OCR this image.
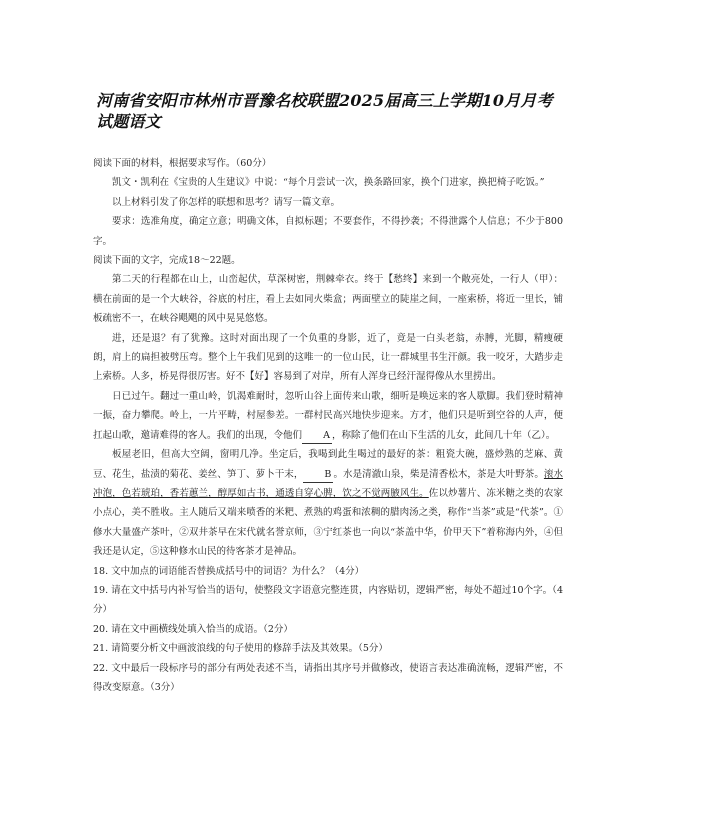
河南省安阳市林州市晋豫名校联盟2025届高三上学期10月月考试题语文

阅读下面的材料，根据要求写作。（60分）

凯文・凯利在《宝贵的人生建议》中说：“每个月尝试一次，换条路回家，换个门进家，换把椅子吃饭。”

以上材料引发了你怎样的联想和思考？请写一篇文章。

要求：选准角度，确定立意；明确文体，自拟标题；不要套作，不得抄袭；不得泄露个人信息；不少于800字。

阅读下面的文字，完成18～22题。

第二天的行程都在山上，山峦起伏，草深树密，荆棘牵衣。终于【愁终】来到一个敞亮处，一行人（甲）：横在前面的是一个大峡谷，谷底的村庄，看上去如同火柴盒；两面壁立的陡崖之间，一座索桥，将近一里长，铺板疏密不一，在峡谷飓飓的风中晃晃悠悠。

进，还是退？有了犹豫。这时对面出现了一个负重的身影，近了，竟是一白头老翁，赤膊，光脚，精瘦硬朗，肩上的扁担被劈压弯。整个上午我们见到的这唯一的一位山民，让一群城里书生汗颜。我一咬牙，大踏步走上索桥。人多，桥晃得很厉害。好不【好】容易到了对岸，所有人浑身已经汗湿得像从水里捞出。

日已过午。翻过一重山岭，饥渴难耐时，忽听山谷上面传来山歌，细听是唤远来的客人歇脚。我们登时精神一振，奋力攀爬。岭上，一片平畴，村屋参差。一群村民高兴地快步迎来。方才，他们只是听到空谷的人声，便扛起山歌，邀请难得的客人。我们的出现，令他们 A ，称除了他们在山下生活的儿女，此间几十年（乙）。

板屋老旧，但高大空阔，窗明几净。坐定后，我喝到此生喝过的最好的茶：粗瓷大碗，盛炒熟的芝麻、黄豆、花生，盐渍的菊花、姜丝、笋丁、萝卜干末， B 。水是清澈山泉，柴是清香松木，茶是大叶野茶。滚水冲泡，色若琥珀，香若蕙兰，醇厚如古书，通透自穿心脾，饮之不觉两腋风生。佐以炒薯片、冻米糖之类的农家小点心，美不胜收。主人随后又端来喷香的米粑、煮熟的鸡蛋和浓稠的腊肉汤之类，称作“当茶”或是“代茶”。①修水大量盛产茶叶，②双井茶早在宋代就名誉京师，③宁红茶也一向以“茶盖中华，价甲天下”着称海内外，④但我还是认定，⑤这种修水山民的待客茶才是神品。

18. 文中加点的词语能否替换成括号中的词语？为什么？（4分）

19. 请在文中括号内补写恰当的语句，使整段文字语意完整连贯，内容贴切，逻辑严密，每处不超过10个字。（4分）

20. 请在文中画横线处填入恰当的成语。（2分）

21. 请简要分析文中画波浪线的句子使用的修辞手法及其效果。（5分）

22. 文中最后一段标序号的部分有两处表述不当，请指出其序号并做修改，使语言表达准确流畅，逻辑严密，不得改变原意。（3分）
